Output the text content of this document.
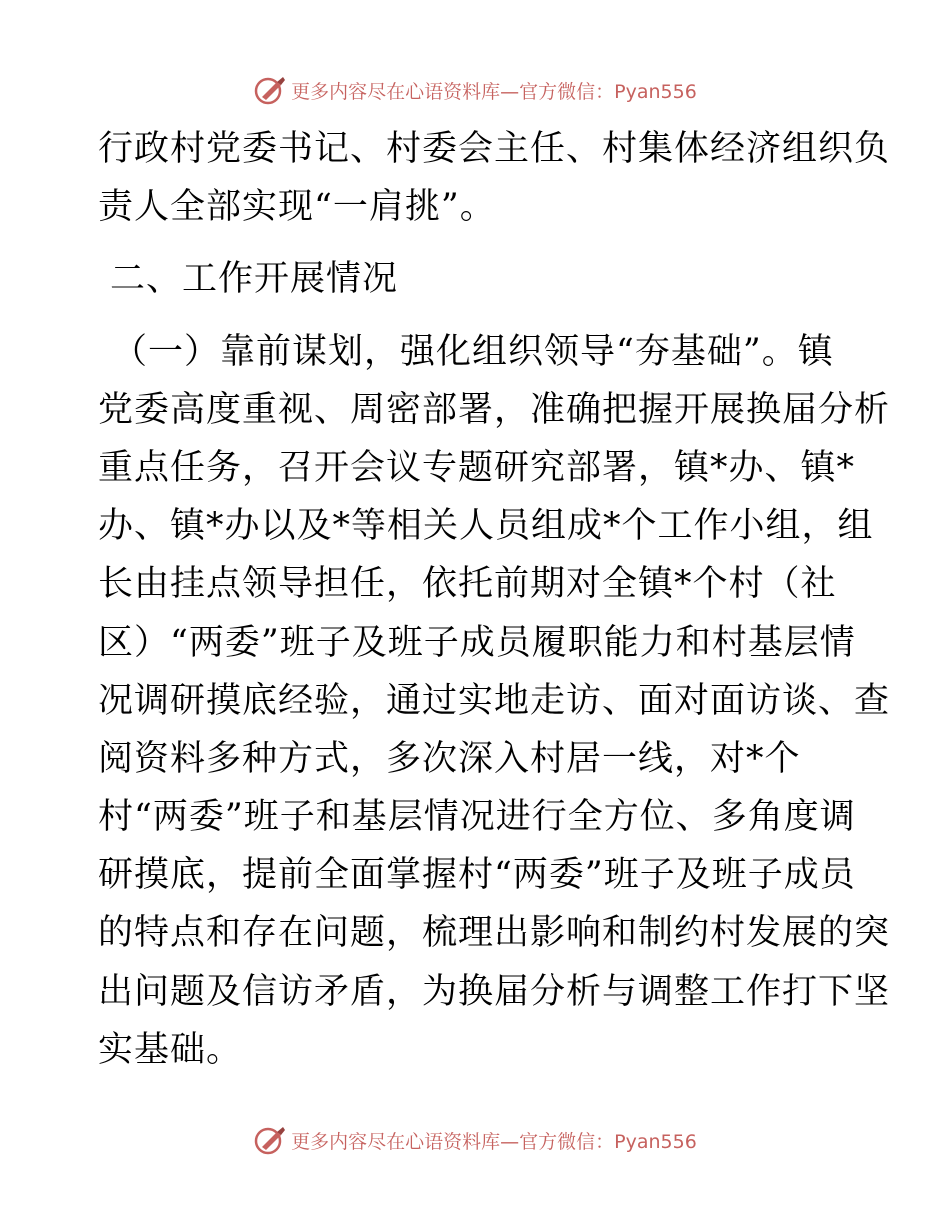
更多内容尽在心语资料库—官方微信：Pyan556
行政村党委书记、村委会主任、村集体经济组织负
责人全部实现“一肩挑”。
二、工作开展情况
（一）靠前谋划，强化组织领导“夯基础”。镇
党委高度重视、周密部署，准确把握开展换届分析
重点任务，召开会议专题研究部署，镇*办、镇*
办、镇*办以及*等相关人员组成*个工作小组，组
长由挂点领导担任，依托前期对全镇*个村（社
区）“两委”班子及班子成员履职能力和村基层情
况调研摸底经验，通过实地走访、面对面访谈、查
阅资料多种方式，多次深入村居一线，对*个
村“两委”班子和基层情况进行全方位、多角度调
研摸底，提前全面掌握村“两委”班子及班子成员
的特点和存在问题，梳理出影响和制约村发展的突
出问题及信访矛盾，为换届分析与调整工作打下坚
实基础。
更多内容尽在心语资料库—官方微信：Pyan556
